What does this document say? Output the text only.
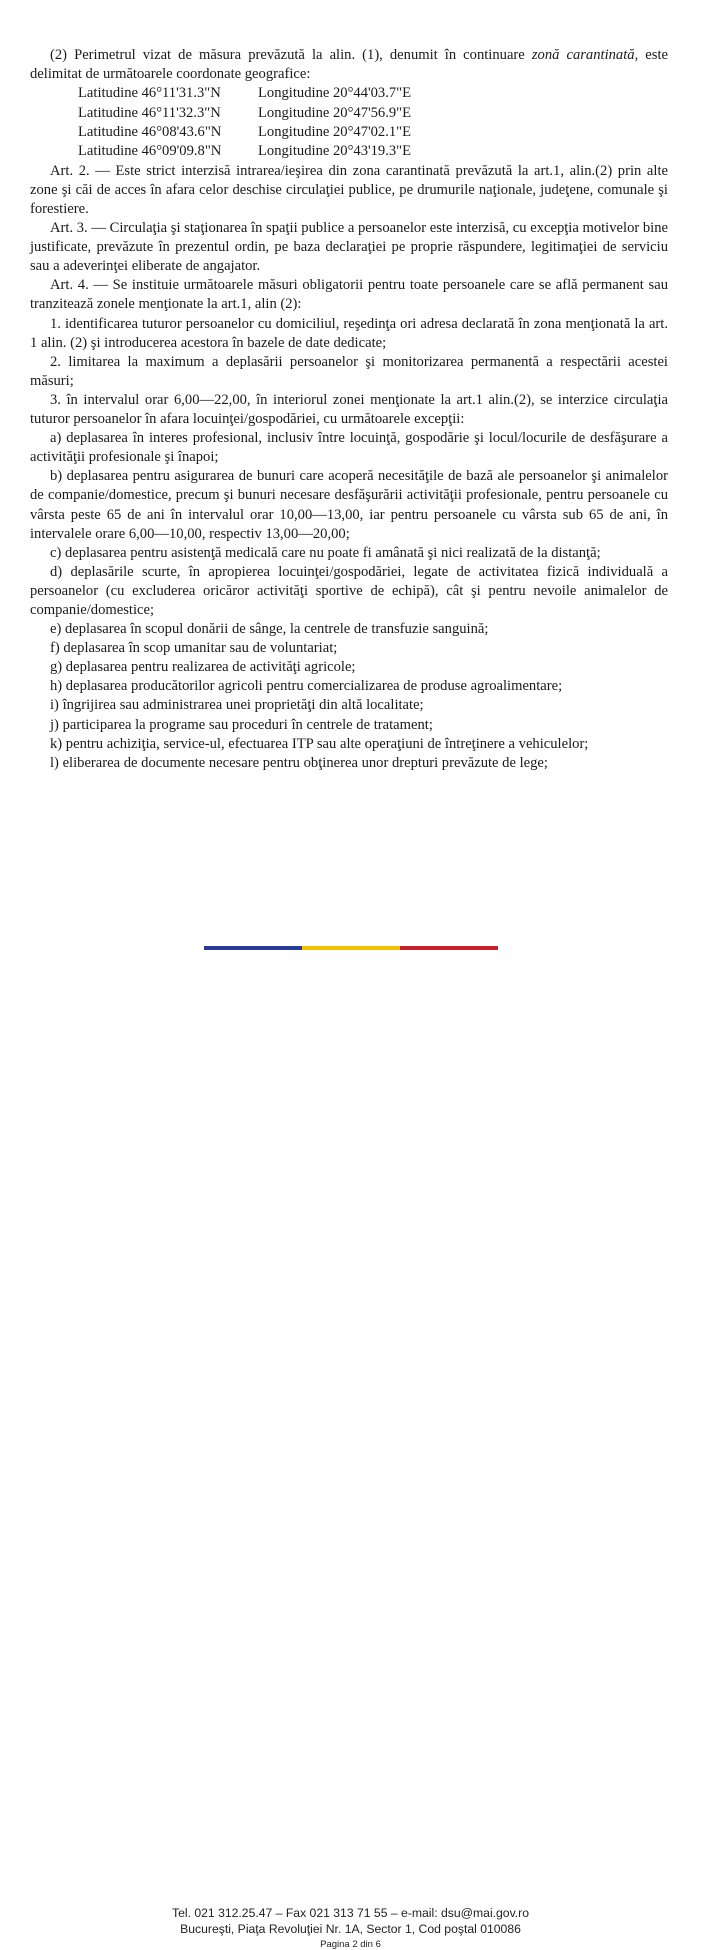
(2) Perimetrul vizat de măsura prevăzută la alin. (1), denumit în continuare zonă carantinată, este delimitat de următoarele coordonate geografice:

Latitudine 46°11'31.3"N	Longitudine 20°44'03.7"E
Latitudine 46°11'32.3"N	Longitudine 20°47'56.9"E
Latitudine 46°08'43.6"N	Longitudine 20°47'02.1"E
Latitudine 46°09'09.8"N	Longitudine 20°43'19.3"E

Art. 2. — Este strict interzisă intrarea/ieşirea din zona carantinată prevăzută la art.1, alin.(2) prin alte zone şi căi de acces în afara celor deschise circulaţiei publice, pe drumurile naţionale, judeţene, comunale şi forestiere.

Art. 3. — Circulaţia şi staţionarea în spaţii publice a persoanelor este interzisă, cu excepţia motivelor bine justificate, prevăzute în prezentul ordin, pe baza declaraţiei pe proprie răspundere, legitimaţiei de serviciu sau a adeverinţei eliberate de angajator.

Art. 4. — Se instituie următoarele măsuri obligatorii pentru toate persoanele care se află permanent sau tranzitează zonele menţionate la art.1, alin (2):

1. identificarea tuturor persoanelor cu domiciliul, reşedinţa ori adresa declarată în zona menţionată la art. 1 alin. (2) şi introducerea acestora în bazele de date dedicate;

2. limitarea la maximum a deplasării persoanelor şi monitorizarea permanentă a respectării acestei măsuri;

3. în intervalul orar 6,00—22,00, în interiorul zonei menţionate la art.1 alin.(2), se interzice circulaţia tuturor persoanelor în afara locuinţei/gospodăriei, cu următoarele excepţii:

a) deplasarea în interes profesional, inclusiv între locuinţă, gospodărie şi locul/locurile de desfăşurare a activităţii profesionale şi înapoi;

b) deplasarea pentru asigurarea de bunuri care acoperă necesităţile de bază ale persoanelor şi animalelor de companie/domestice, precum şi bunuri necesare desfăşurării activităţii profesionale, pentru persoanele cu vârsta peste 65 de ani în intervalul orar 10,00—13,00, iar pentru persoanele cu vârsta sub 65 de ani, în intervalele orare 6,00—10,00, respectiv 13,00—20,00;

c) deplasarea pentru asistenţă medicală care nu poate fi amânată şi nici realizată de la distanţă;

d) deplasările scurte, în apropierea locuinţei/gospodăriei, legate de activitatea fizică individuală a persoanelor (cu excluderea oricăror activităţi sportive de echipă), cât şi pentru nevoile animalelor de companie/domestice;

e) deplasarea în scopul donării de sânge, la centrele de transfuzie sanguină;

f) deplasarea în scop umanitar sau de voluntariat;

g) deplasarea pentru realizarea de activităţi agricole;

h) deplasarea producătorilor agricoli pentru comercializarea de produse agroalimentare;

i) îngrijirea sau administrarea unei proprietăţi din altă localitate;

j) participarea la programe sau proceduri în centrele de tratament;

k) pentru achiziţia, service-ul, efectuarea ITP sau alte operaţiuni de întreţinere a vehiculelor;

l) eliberarea de documente necesare pentru obţinerea unor drepturi prevăzute de lege;

Tel. 021 312.25.47 – Fax 021 313 71 55 – e-mail: dsu@mai.gov.ro
Bucureşti, Piaţa Revoluţiei Nr. 1A, Sector 1, Cod poştal 010086
Pagina 2 din 6
